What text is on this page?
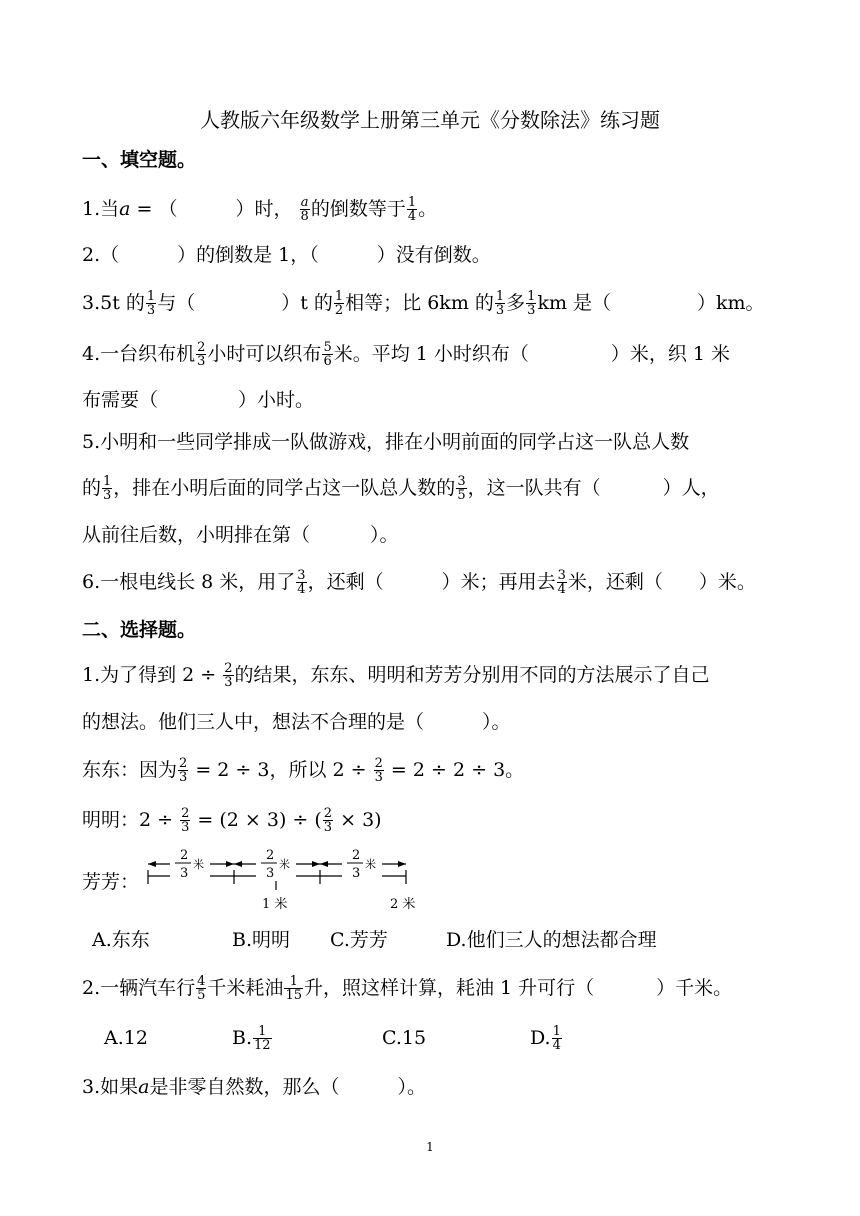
人教版六年级数学上册第三单元《分数除法》练习题
一、填空题。
1.当a = （	）时， $\frac{a}{8}$ 的倒数等于 $\frac{1}{4}$ 。
2.（	）的倒数是 1，（	）没有倒数。
3.5t 的 $\frac{1}{3}$ 与（	）t 的 $\frac{1}{2}$ 相等；比 6km 的 $\frac{1}{3}$ 多 $\frac{1}{3}$ km 是（	）km。
4.一台织布机 $\frac{2}{3}$ 小时可以织布 $\frac{5}{6}$ 米。平均 1 小时织布（	）米，织 1 米
布需要（	）小时。
5.小明和一些同学排成一队做游戏，排在小明前面的同学占这一队总人数
的 $\frac{1}{3}$ ，排在小明后面的同学占这一队总人数的 $\frac{3}{5}$ ，这一队共有（	）人，
从前往后数，小明排在第（	）。
6.一根电线长 8 米，用了 $\frac{3}{4}$ ，还剩（	）米；再用去 $\frac{3}{4}$ 米，还剩（ ）米。
二、选择题。
1.为了得到 $2 \div \frac{2}{3}$ 的结果，东东、明明和芳芳分别用不同的方法展示了自己
的想法。他们三人中，想法不合理的是（	）。
东东：因为 $\frac{2}{3} = 2 \div 3$，所以 $2 \div \frac{2}{3} = 2 \div 2 \div 3$。
明明：$2 \div \frac{2}{3} = (2 \times 3)$ ÷ ( $\frac{2}{3} \times 3$)
芳芳：
2
3
米
2
3
米
2
3
米
1 米	2 米
A.东东	B.明明 C.芳芳	D.他们三人的想法都合理
2.一辆汽车行 $\frac{4}{5}$ 千米耗油 $\frac{1}{15}$ 升，照这样计算，耗油 1 升可行（	）千米。
A.12	B. $\frac{1}{12}$	C.15	D. $\frac{1}{4}$
3.如果a是非零自然数，那么（	）。
1
